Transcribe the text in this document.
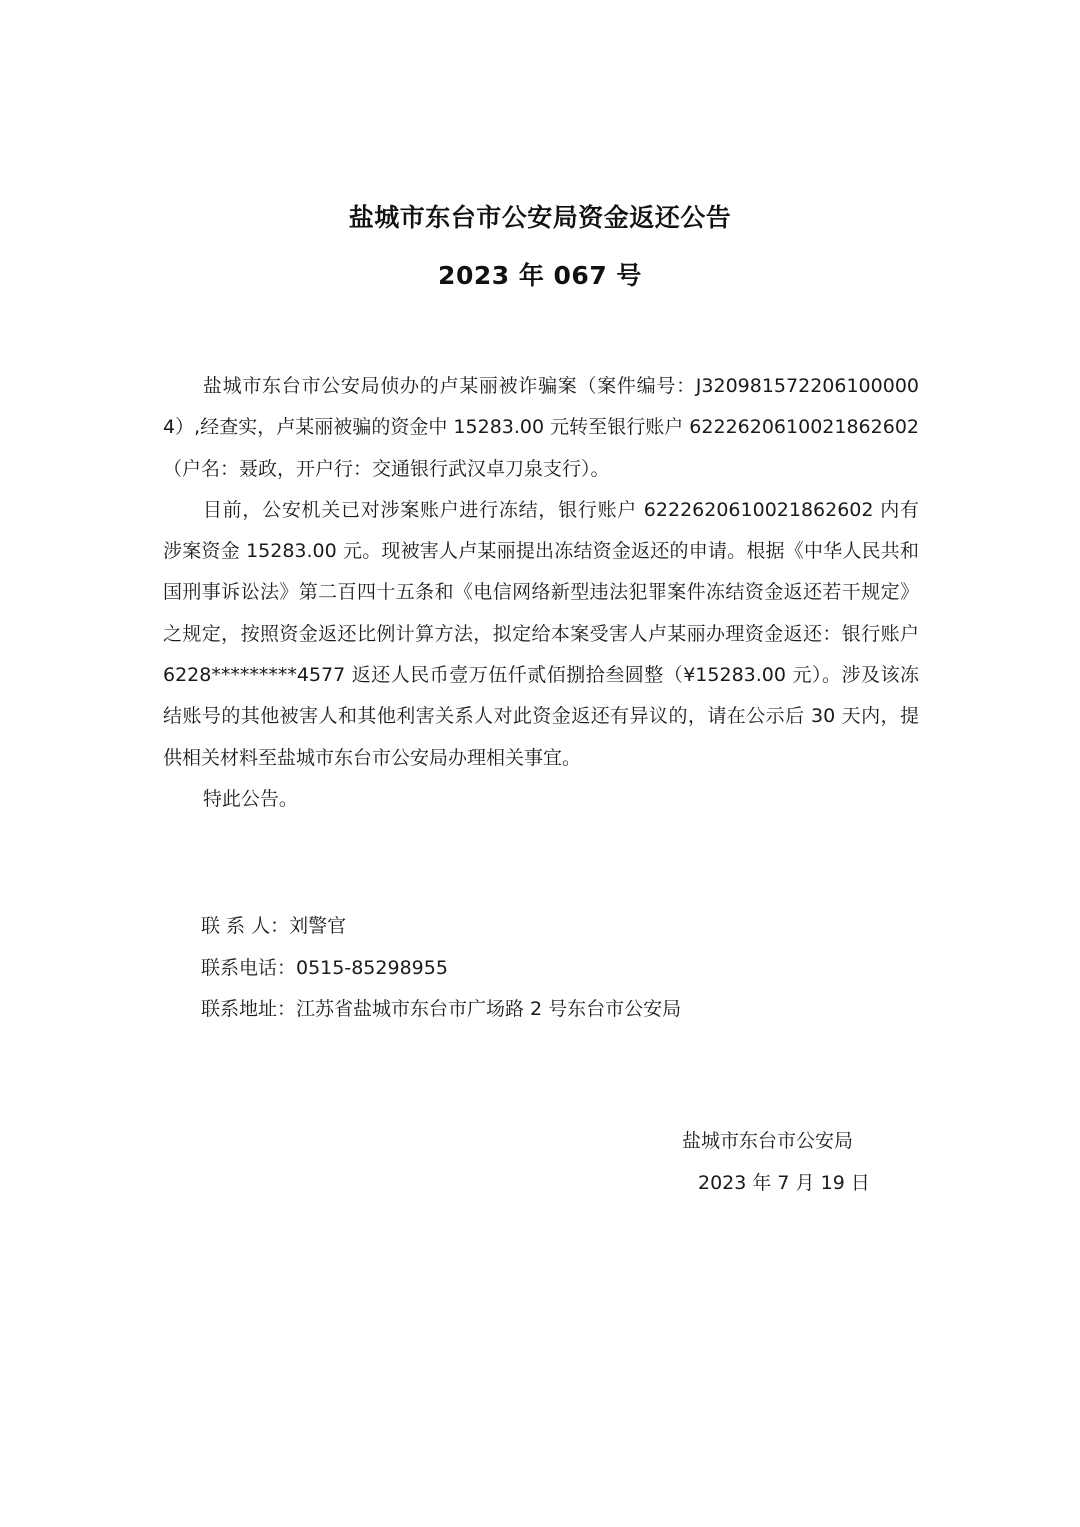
盐城市东台市公安局资金返还公告
2023 年 067 号

盐城市东台市公安局侦办的卢某丽被诈骗案（案件编号：J320981572206100000 4）,经查实，卢某丽被骗的资金中 15283.00 元转至银行账户 6222620610021862602（户名：聂政，开户行：交通银行武汉卓刀泉支行）。

目前，公安机关已对涉案账户进行冻结，银行账户 6222620610021862602 内有涉案资金 15283.00 元。现被害人卢某丽提出冻结资金返还的申请。根据《中华人民共和国刑事诉讼法》第二百四十五条和《电信网络新型违法犯罪案件冻结资金返还若干规定》之规定，按照资金返还比例计算方法，拟定给本案受害人卢某丽办理资金返还：银行账户 6228*********4577 返还人民币壹万伍仟贰佰捌拾叁圆整（¥15283.00 元）。涉及该冻结账号的其他被害人和其他利害关系人对此资金返还有异议的，请在公示后 30 天内，提供相关材料至盐城市东台市公安局办理相关事宜。

特此公告。

联 系 人：刘警官
联系电话：0515-85298955
联系地址：江苏省盐城市东台市广场路 2 号东台市公安局
盐城市东台市公安局
2023 年 7 月 19 日
